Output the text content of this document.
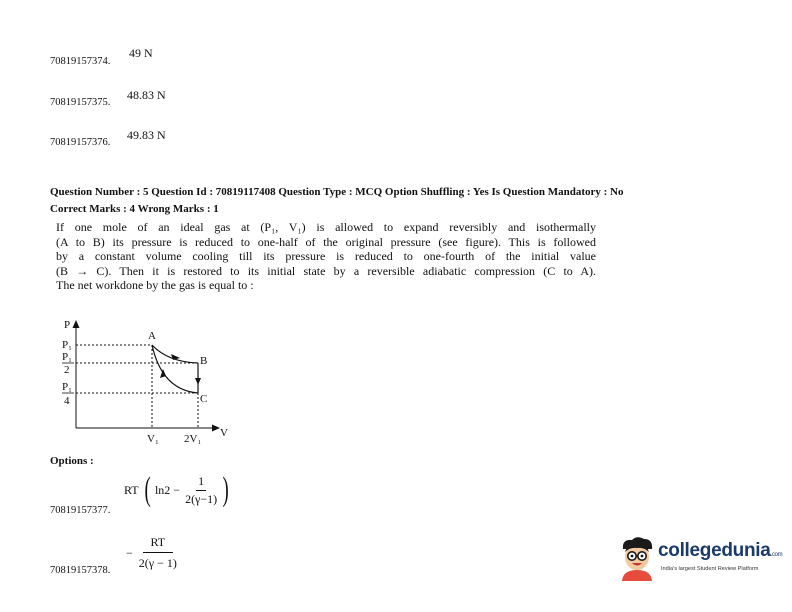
70819157374.
49 N
70819157375.
48.83 N
70819157376.
49.83 N
Question Number : 5 Question Id : 70819117408 Question Type : MCQ Option Shuffling : Yes Is Question Mandatory : No
Correct Marks : 4 Wrong Marks : 1

If one mole of an ideal gas at (P₁, V₁) is allowed to expand reversibly and isothermally

(A to B) its pressure is reduced to one-half of the original pressure (see figure). This is followed

by a constant volume cooling till its pressure is reduced to one-fourth of the initial value

(B → C). Then it is restored to its initial state by a reversible adiabatic compression (C to A).

The net workdone by the gas is equal to :

P
V
P₁
P₁
2
P₁
4
A
B
C
V₁ 2V₁
Options :
RT ( $\ln 2 - \frac{1}{2(\gamma-1)}$ )
70819157377.
− $\frac{RT}{2(\gamma - 1)}$
70819157378.
collegedunia.com
India's largest Student Review Platform
